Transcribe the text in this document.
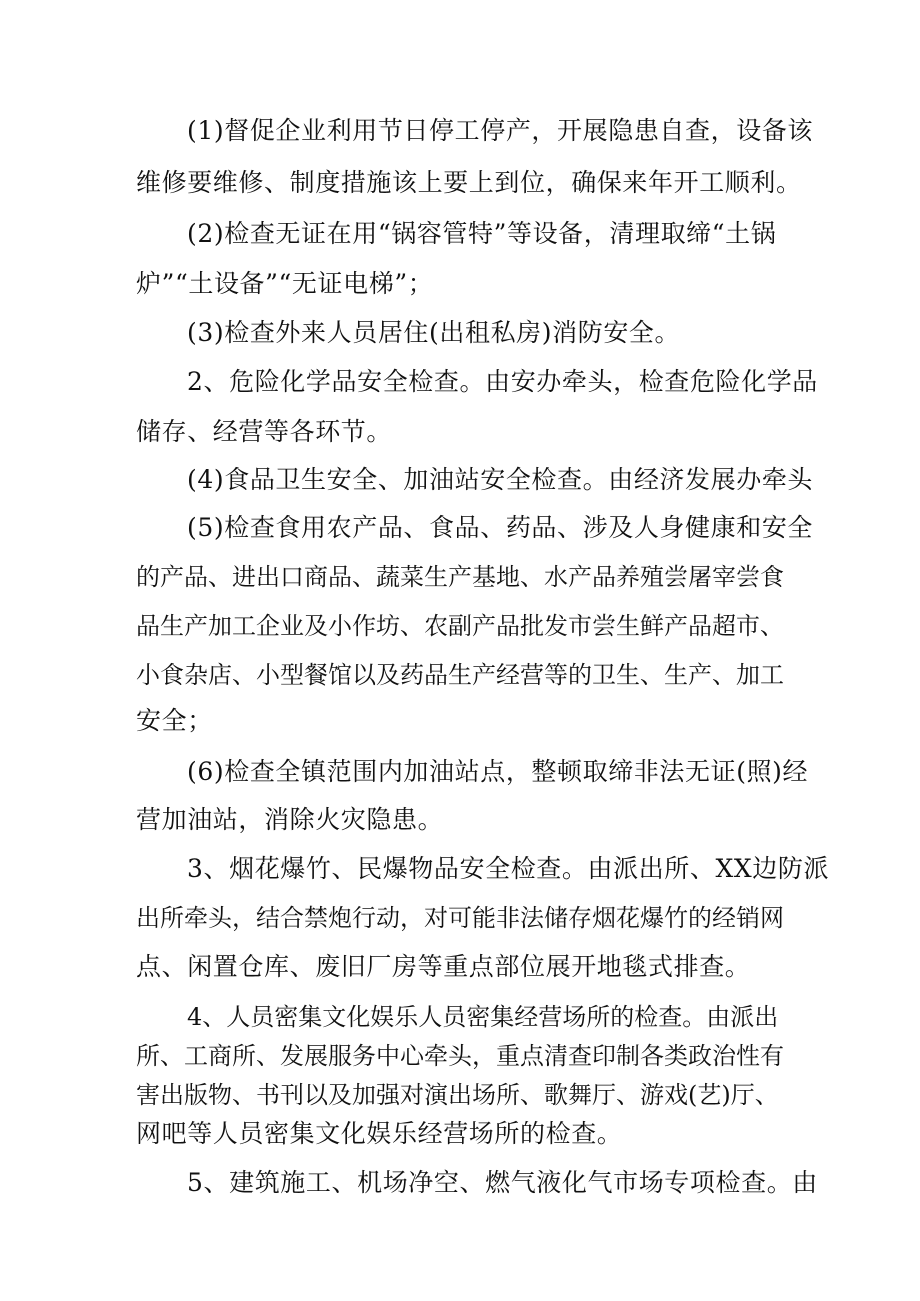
(1)督促企业利用节日停工停产，开展隐患自查，设备该
维修要维修、制度措施该上要上到位，确保来年开工顺利。
(2)检查无证在用“锅容管特”等设备，清理取缔“土锅
炉”“土设备”“无证电梯”；
(3)检查外来人员居住(出租私房)消防安全。
2、危险化学品安全检查。由安办牵头，检查危险化学品
储存、经营等各环节。
(4)食品卫生安全、加油站安全检查。由经济发展办牵头
(5)检查食用农产品、食品、药品、涉及人身健康和安全
的产品、进出口商品、蔬菜生产基地、水产品养殖尝屠宰尝食
品生产加工企业及小作坊、农副产品批发市尝生鲜产品超市、
小食杂店、小型餐馆以及药品生产经营等的卫生、生产、加工
安全；
(6)检查全镇范围内加油站点，整顿取缔非法无证(照)经
营加油站，消除火灾隐患。
3、烟花爆竹、民爆物品安全检查。由派出所、XX边防派
出所牵头，结合禁炮行动，对可能非法储存烟花爆竹的经销网
点、闲置仓库、废旧厂房等重点部位展开地毯式排查。
4、人员密集文化娱乐人员密集经营场所的检查。由派出
所、工商所、发展服务中心牵头，重点清查印制各类政治性有
害出版物、书刊以及加强对演出场所、歌舞厅、游戏(艺)厅、
网吧等人员密集文化娱乐经营场所的检查。
5、建筑施工、机场净空、燃气液化气市场专项检查。由
